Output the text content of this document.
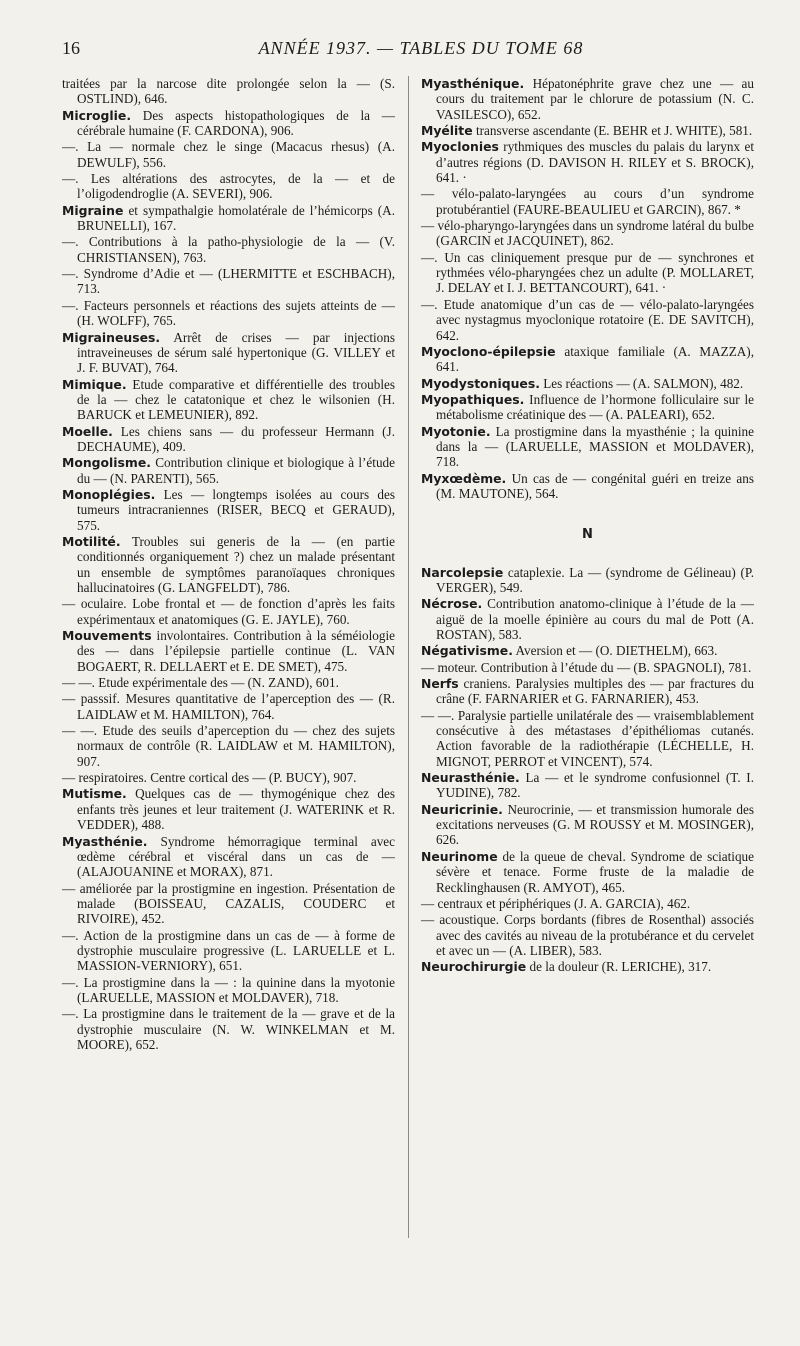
16	ANNÉE 1937. — TABLES DU TOME 68

traitées par la narcose dite prolongée selon la — (S. OSTLIND), 646.

Microglie. Des aspects histopathologiques de la — cérébrale humaine (F. CARDONA), 906.

—. La — normale chez le singe (Macacus rhesus) (A. DEWULF), 556.

—. Les altérations des astrocytes, de la — et de l’oligodendroglie (A. SEVERI), 906.

Migraine et sympathalgie homolatérale de l’hémicorps (A. BRUNELLI), 167.

—. Contributions à la patho-physiologie de la — (V. CHRISTIANSEN), 763.

—. Syndrome d’Adie et — (LHERMITTE et ESCHBACH), 713.

—. Facteurs personnels et réactions des sujets atteints de — (H. WOLFF), 765.

Migraineuses. Arrêt de crises — par injections intraveineuses de sérum salé hypertonique (G. VILLEY et J. F. BUVAT), 764.

Mimique. Etude comparative et différentielle des troubles de la — chez le catatonique et chez le wilsonien (H. BARUCK et LEMEUNIER), 892.

Moelle. Les chiens sans — du professeur Hermann (J. DECHAUME), 409.

Mongolisme. Contribution clinique et biologique à l’étude du — (N. PARENTI), 565.

Monoplégies. Les — longtemps isolées au cours des tumeurs intracraniennes (RISER, BECQ et GERAUD), 575.

Motilité. Troubles sui generis de la — (en partie conditionnés organiquement ?) chez un malade présentant un ensemble de symptômes paranoïaques chroniques hallucinatoires (G. LANGFELDT), 786.

— oculaire. Lobe frontal et — de fonction d’après les faits expérimentaux et anatomiques (G. E. JAYLE), 760.

Mouvements involontaires. Contribution à la séméiologie des — dans l’épilepsie partielle continue (L. VAN BOGAERT, R. DELLAERT et E. DE SMET), 475.

— —. Etude expérimentale des — (N. ZAND), 601.

— passsif. Mesures quantitative de l’aperception des — (R. LAIDLAW et M. HAMILTON), 764.

— —. Etude des seuils d’aperception du — chez des sujets normaux de contrôle (R. LAIDLAW et M. HAMILTON), 907.

— respiratoires. Centre cortical des — (P. BUCY), 907.

Mutisme. Quelques cas de — thymogénique chez des enfants très jeunes et leur traitement (J. WATERINK et R. VEDDER), 488.

Myasthénie. Syndrome hémorragique terminal avec œdème cérébral et viscéral dans un cas de — (ALAJOUANINE et MORAX), 871.

— améliorée par la prostigmine en ingestion. Présentation de malade (BOISSEAU, CAZALIS, COUDERC et RIVOIRE), 452.

—. Action de la prostigmine dans un cas de — à forme de dystrophie musculaire progressive (L. LARUELLE et L. MASSION-VERNIORY), 651.

—. La prostigmine dans la — : la quinine dans la myotonie (LARUELLE, MASSION et MOLDAVER), 718.

—. La prostigmine dans le traitement de la — grave et de la dystrophie musculaire (N. W. WINKELMAN et M. MOORE), 652.

Myasthénique. Hépatonéphrite grave chez une — au cours du traitement par le chlorure de potassium (N. C. VASILESCO), 652.

Myélite transverse ascendante (E. BEHR et J. WHITE), 581.

Myoclonies rythmiques des muscles du palais du larynx et d’autres régions (D. DAVISON H. RILEY et S. BROCK), 641. ·

— vélo-palato-laryngées au cours d’un syndrome protubérantiel (FAURE-BEAULIEU et GARCIN), 867. *

— vélo-pharyngo-laryngées dans un syndrome latéral du bulbe (GARCIN et JACQUINET), 862.

—. Un cas cliniquement presque pur de — synchrones et rythmées vélo-pharyngées chez un adulte (P. MOLLARET, J. DELAY et I. J. BETTANCOURT), 641. ·

—. Etude anatomique d’un cas de — vélo-palato-laryngées avec nystagmus myoclonique rotatoire (E. DE SAVITCH), 642.

Myoclono-épilepsie ataxique familiale (A. MAZZA), 641.

Myodystoniques. Les réactions — (A. SALMON), 482.

Myopathiques. Influence de l’hormone folliculaire sur le métabolisme créatinique des — (A. PALEARI), 652.

Myotonie. La prostigmine dans la myasthénie ; la quinine dans la — (LARUELLE, MASSION et MOLDAVER), 718.

Myxœdème. Un cas de — congénital guéri en treize ans (M. MAUTONE), 564.

N

Narcolepsie cataplexie. La — (syndrome de Gélineau) (P. VERGER), 549.

Nécrose. Contribution anatomo-clinique à l’étude de la — aiguë de la moelle épinière au cours du mal de Pott (A. ROSTAN), 583.

Négativisme. Aversion et — (O. DIETHELM), 663.

— moteur. Contribution à l’étude du — (B. SPAGNOLI), 781.

Nerfs craniens. Paralysies multiples des — par fractures du crâne (F. FARNARIER et G. FARNARIER), 453.

— —. Paralysie partielle unilatérale des — vraisemblablement consécutive à des métastases d’épithéliomas cutanés. Action favorable de la radiothérapie (LÉCHELLE, H. MIGNOT, PERROT et VINCENT), 574.

Neurasthénie. La — et le syndrome confusionnel (T. I. YUDINE), 782.

Neuricrinie. Neurocrinie, — et transmission humorale des excitations nerveuses (G. M ROUSSY et M. MOSINGER), 626.

Neurinome de la queue de cheval. Syndrome de sciatique sévère et tenace. Forme fruste de la maladie de Recklinghausen (R. AMYOT), 465.

— centraux et périphériques (J. A. GARCIA), 462.

— acoustique. Corps bordants (fibres de Rosenthal) associés avec des cavités au niveau de la protubérance et du cervelet et avec un — (A. LIBER), 583.

Neurochirurgie de la douleur (R. LERICHE), 317.
